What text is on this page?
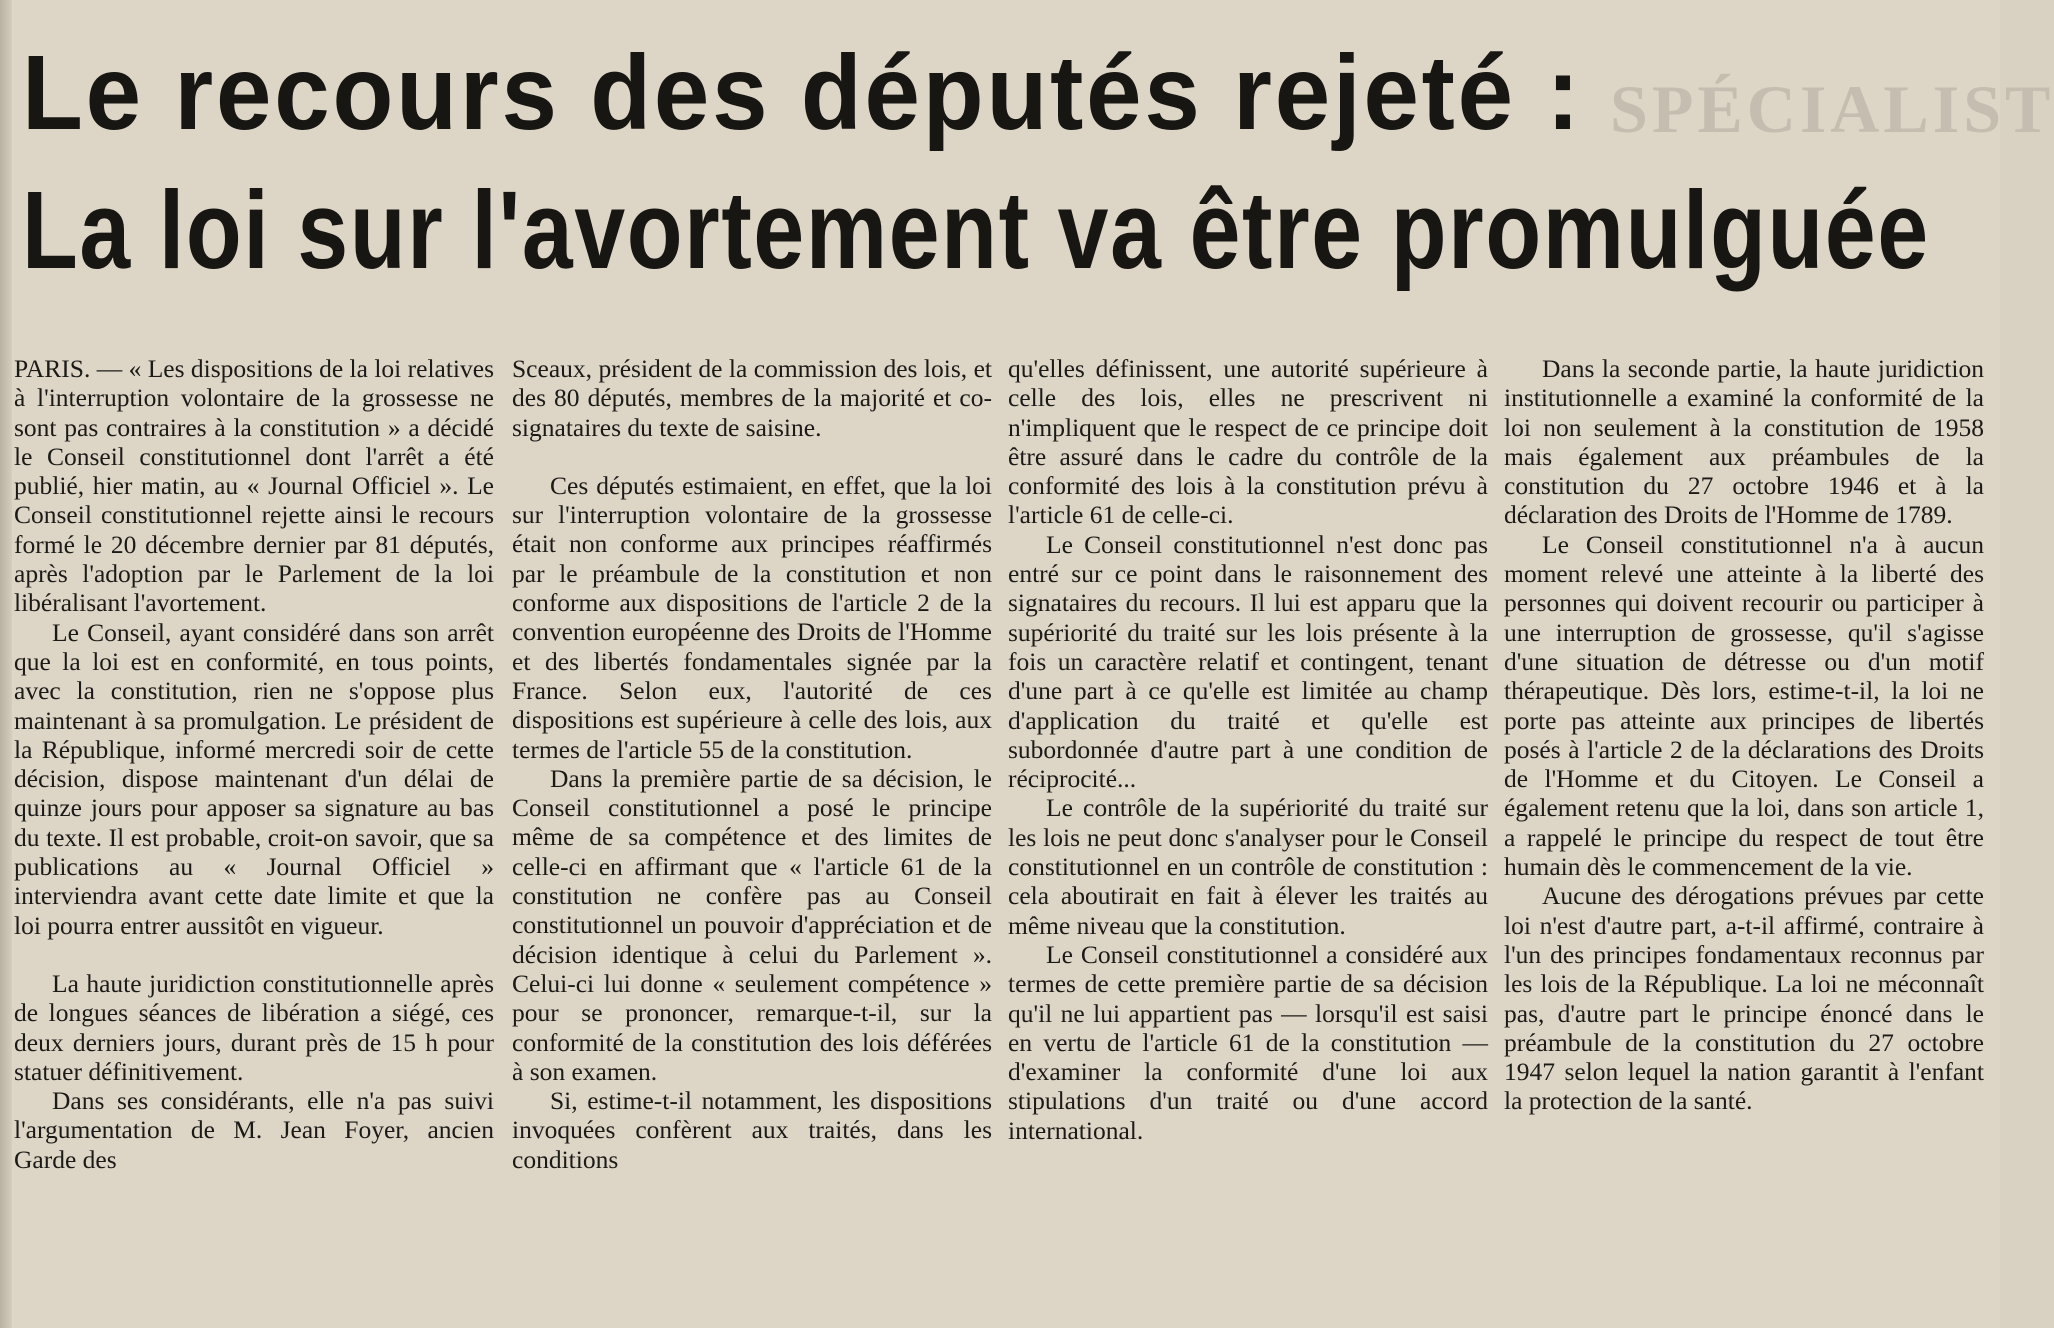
SPÉCIALIST
Le recours des députés rejeté :
La loi sur l'avortement va être promulguée

PARIS. — « Les dispositions de la loi relatives à l'interruption volontaire de la grossesse ne sont pas contraires à la constitution » a décidé le Conseil constitutionnel dont l'arrêt a été publié, hier matin, au « Journal Officiel ». Le Conseil constitutionnel rejette ainsi le recours formé le 20 décembre dernier par 81 députés, après l'adoption par le Parlement de la loi libéralisant l'avortement.

Le Conseil, ayant considéré dans son arrêt que la loi est en conformité, en tous points, avec la constitution, rien ne s'oppose plus maintenant à sa promulgation. Le président de la République, informé mercredi soir de cette décision, dispose maintenant d'un délai de quinze jours pour apposer sa signature au bas du texte. Il est probable, croit-on savoir, que sa publications au « Journal Officiel » interviendra avant cette date limite et que la loi pourra entrer aussitôt en vigueur.

La haute juridiction constitutionnelle après de longues séances de libération a siégé, ces deux derniers jours, durant près de 15 h pour statuer définitivement.

Dans ses considérants, elle n'a pas suivi l'argumentation de M. Jean Foyer, ancien Garde des

Sceaux, président de la commission des lois, et des 80 députés, membres de la majorité et co-signataires du texte de saisine.

Ces députés estimaient, en effet, que la loi sur l'interruption volontaire de la grossesse était non conforme aux principes réaffirmés par le préambule de la constitution et non conforme aux dispositions de l'article 2 de la convention européenne des Droits de l'Homme et des libertés fondamentales signée par la France. Selon eux, l'autorité de ces dispositions est supérieure à celle des lois, aux termes de l'article 55 de la constitution.

Dans la première partie de sa décision, le Conseil constitutionnel a posé le principe même de sa compétence et des limites de celle-ci en affirmant que « l'article 61 de la constitution ne confère pas au Conseil constitutionnel un pouvoir d'appréciation et de décision identique à celui du Parlement ». Celui-ci lui donne « seulement compétence » pour se prononcer, remarque-t-il, sur la conformité de la constitution des lois déférées à son examen.

Si, estime-t-il notamment, les dispositions invoquées confèrent aux traités, dans les conditions

qu'elles définissent, une autorité supérieure à celle des lois, elles ne prescrivent ni n'impliquent que le respect de ce principe doit être assuré dans le cadre du contrôle de la conformité des lois à la constitution prévu à l'article 61 de celle-ci.

Le Conseil constitutionnel n'est donc pas entré sur ce point dans le raisonnement des signataires du recours. Il lui est apparu que la supériorité du traité sur les lois présente à la fois un caractère relatif et contingent, tenant d'une part à ce qu'elle est limitée au champ d'application du traité et qu'elle est subordonnée d'autre part à une condition de réciprocité...

Le contrôle de la supériorité du traité sur les lois ne peut donc s'analyser pour le Conseil constitutionnel en un contrôle de constitution : cela aboutirait en fait à élever les traités au même niveau que la constitution.

Le Conseil constitutionnel a considéré aux termes de cette première partie de sa décision qu'il ne lui appartient pas — lorsqu'il est saisi en vertu de l'article 61 de la constitution — d'examiner la conformité d'une loi aux stipulations d'un traité ou d'une accord international.

Dans la seconde partie, la haute juridiction institutionnelle a examiné la conformité de la loi non seulement à la constitution de 1958 mais également aux préambules de la constitution du 27 octobre 1946 et à la déclaration des Droits de l'Homme de 1789.

Le Conseil constitutionnel n'a à aucun moment relevé une atteinte à la liberté des personnes qui doivent recourir ou participer à une interruption de grossesse, qu'il s'agisse d'une situation de détresse ou d'un motif thérapeutique. Dès lors, estime-t-il, la loi ne porte pas atteinte aux principes de libertés posés à l'article 2 de la déclarations des Droits de l'Homme et du Citoyen. Le Conseil a également retenu que la loi, dans son article 1, a rappelé le principe du respect de tout être humain dès le commencement de la vie.

Aucune des dérogations prévues par cette loi n'est d'autre part, a-t-il affirmé, contraire à l'un des principes fondamentaux reconnus par les lois de la République. La loi ne méconnaît pas, d'autre part le principe énoncé dans le préambule de la constitution du 27 octobre 1947 selon lequel la nation garantit à l'enfant la protection de la santé.
